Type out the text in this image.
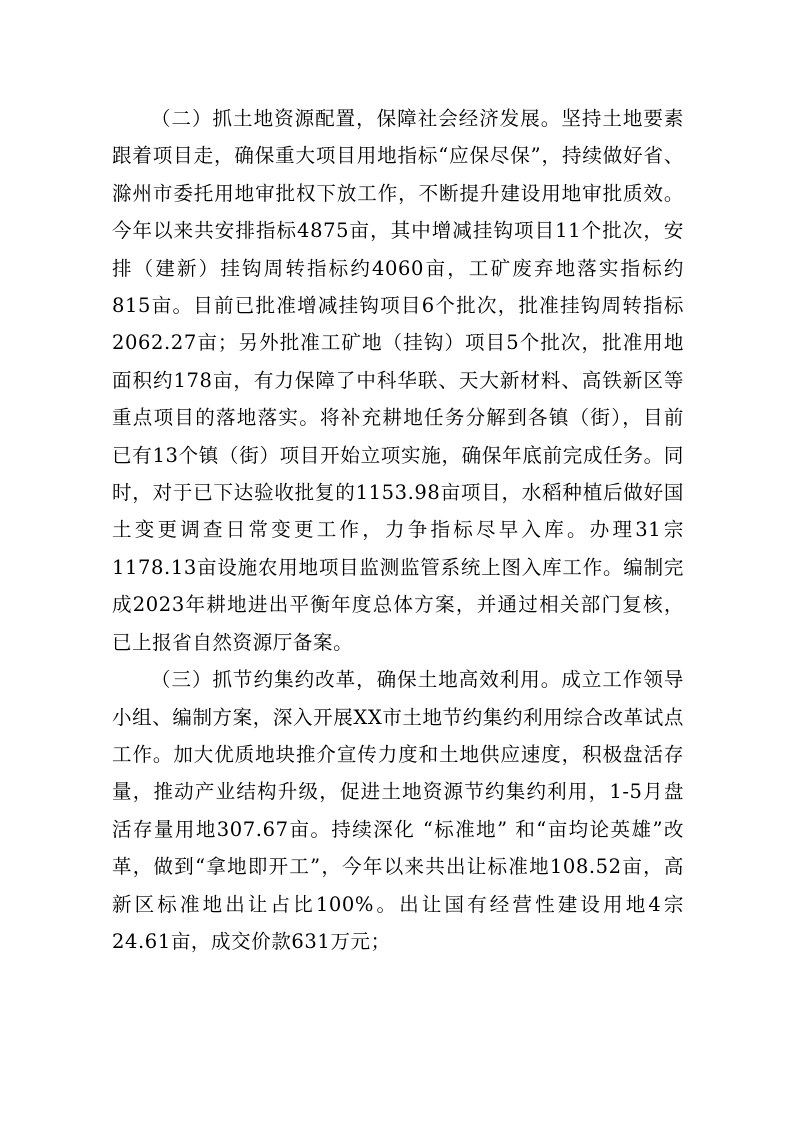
（二）抓土地资源配置，保障社会经济发展。坚持土地要素跟着项目走，确保重大项目用地指标“应保尽保”，持续做好省、滁州市委托用地审批权下放工作，不断提升建设用地审批质效。今年以来共安排指标4875亩，其中增减挂钩项目11个批次，安排（建新）挂钩周转指标约4060亩，工矿废弃地落实指标约815亩。目前已批准增减挂钩项目6个批次，批准挂钩周转指标2062.27亩；另外批准工矿地（挂钩）项目5个批次，批准用地面积约178亩，有力保障了中科华联、天大新材料、高铁新区等重点项目的落地落实。将补充耕地任务分解到各镇（街），目前已有13个镇（街）项目开始立项实施，确保年底前完成任务。同时，对于已下达验收批复的1153.98亩项目，水稻种植后做好国土变更调查日常变更工作，力争指标尽早入库。办理31宗1178.13亩设施农用地项目监测监管系统上图入库工作。编制完成2023年耕地进出平衡年度总体方案，并通过相关部门复核，已上报省自然资源厅备案。

（三）抓节约集约改革，确保土地高效利用。成立工作领导小组、编制方案，深入开展XX市土地节约集约利用综合改革试点工作。加大优质地块推介宣传力度和土地供应速度，积极盘活存量，推动产业结构升级，促进土地资源节约集约利用，1-5月盘活存量用地307.67亩。持续深化 “标准地” 和“亩均论英雄”改革，做到“拿地即开工”，今年以来共出让标准地108.52亩，高新区标准地出让占比100%。出让国有经营性建设用地4宗24.61亩，成交价款631万元；
